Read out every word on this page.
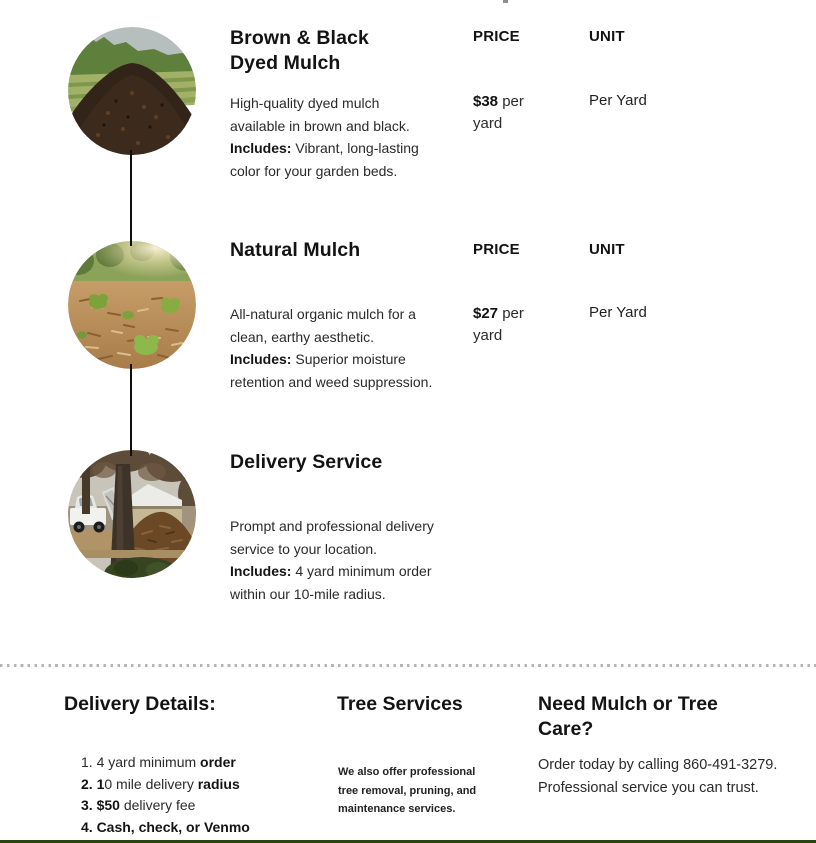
Brown & Black Dyed Mulch

High-quality dyed mulch available in brown and black. Includes: Vibrant, long-lasting color for your garden beds.

PRICE	UNIT

$38 per yard

Per Yard
Natural Mulch

All-natural organic mulch for a clean, earthy aesthetic. Includes: Superior moisture retention and weed suppression.

PRICE	UNIT

$27 per yard

Per Yard
Delivery Service

Prompt and professional delivery service to your location. Includes: 4 yard minimum order within our 10-mile radius.

Delivery Details:
1. 4 yard minimum order
2. 10 mile delivery radius
3. $50 delivery fee
4. Cash, check, or Venmo
Tree Services

We also offer professional tree removal, pruning, and maintenance services.

Need Mulch or Tree Care?

Order today by calling 860-491-3279. Professional service you can trust.
